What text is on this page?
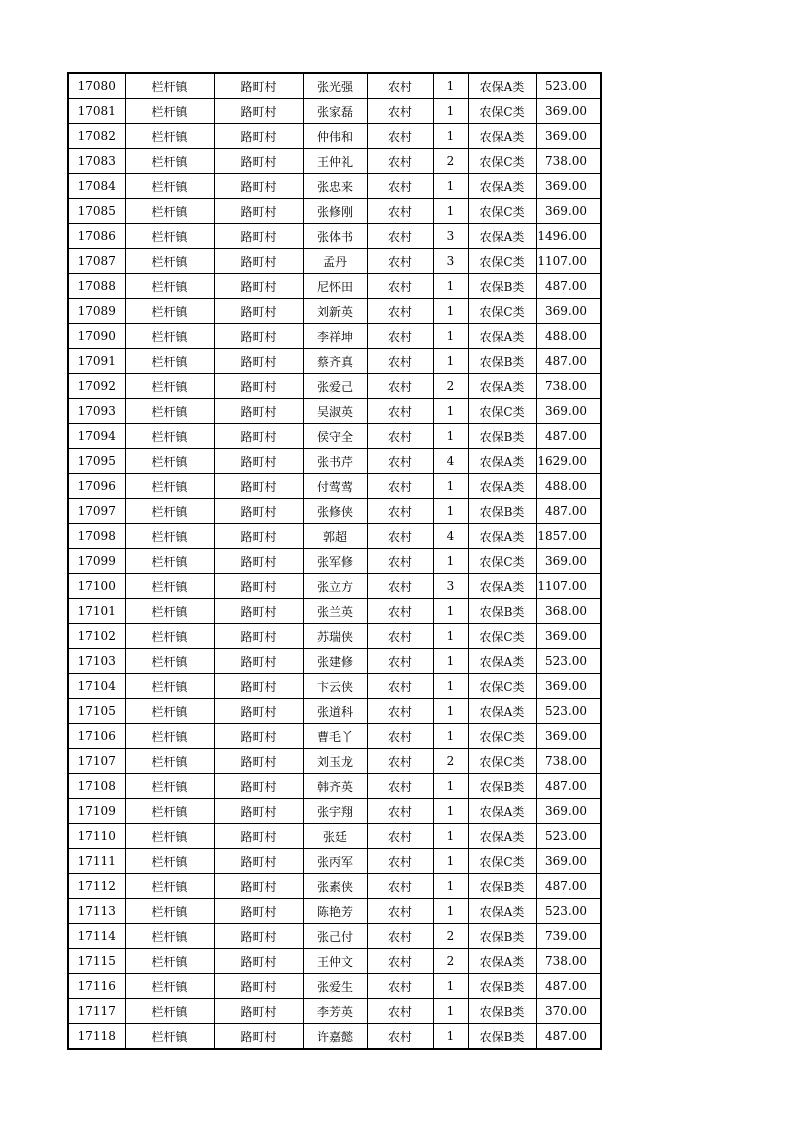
17080	栏杆镇	路町村	张光强	农村	1	农保A类	523.00
17081	栏杆镇	路町村	张家磊	农村	1	农保C类	369.00
17082	栏杆镇	路町村	仲伟和	农村	1	农保A类	369.00
17083	栏杆镇	路町村	王仲礼	农村	2	农保C类	738.00
17084	栏杆镇	路町村	张忠来	农村	1	农保A类	369.00
17085	栏杆镇	路町村	张修刚	农村	1	农保C类	369.00
17086	栏杆镇	路町村	张体书	农村	3	农保A类	1496.00
17087	栏杆镇	路町村	孟丹	农村	3	农保C类	1107.00
17088	栏杆镇	路町村	尼怀田	农村	1	农保B类	487.00
17089	栏杆镇	路町村	刘新英	农村	1	农保C类	369.00
17090	栏杆镇	路町村	李祥坤	农村	1	农保A类	488.00
17091	栏杆镇	路町村	蔡齐真	农村	1	农保B类	487.00
17092	栏杆镇	路町村	张爱己	农村	2	农保A类	738.00
17093	栏杆镇	路町村	吴淑英	农村	1	农保C类	369.00
17094	栏杆镇	路町村	侯守全	农村	1	农保B类	487.00
17095	栏杆镇	路町村	张书芹	农村	4	农保A类	1629.00
17096	栏杆镇	路町村	付莺莺	农村	1	农保A类	488.00
17097	栏杆镇	路町村	张修侠	农村	1	农保B类	487.00
17098	栏杆镇	路町村	郭超	农村	4	农保A类	1857.00
17099	栏杆镇	路町村	张军修	农村	1	农保C类	369.00
17100	栏杆镇	路町村	张立方	农村	3	农保A类	1107.00
17101	栏杆镇	路町村	张兰英	农村	1	农保B类	368.00
17102	栏杆镇	路町村	苏瑞侠	农村	1	农保C类	369.00
17103	栏杆镇	路町村	张建修	农村	1	农保A类	523.00
17104	栏杆镇	路町村	卞云侠	农村	1	农保C类	369.00
17105	栏杆镇	路町村	张道科	农村	1	农保A类	523.00
17106	栏杆镇	路町村	曹毛丫	农村	1	农保C类	369.00
17107	栏杆镇	路町村	刘玉龙	农村	2	农保C类	738.00
17108	栏杆镇	路町村	韩齐英	农村	1	农保B类	487.00
17109	栏杆镇	路町村	张宇翔	农村	1	农保A类	369.00
17110	栏杆镇	路町村	张廷	农村	1	农保A类	523.00
17111	栏杆镇	路町村	张丙军	农村	1	农保C类	369.00
17112	栏杆镇	路町村	张素侠	农村	1	农保B类	487.00
17113	栏杆镇	路町村	陈艳芳	农村	1	农保A类	523.00
17114	栏杆镇	路町村	张己付	农村	2	农保B类	739.00
17115	栏杆镇	路町村	王仲文	农村	2	农保A类	738.00
17116	栏杆镇	路町村	张爱生	农村	1	农保B类	487.00
17117	栏杆镇	路町村	李芳英	农村	1	农保B类	370.00
17118	栏杆镇	路町村	许嘉懿	农村	1	农保B类	487.00
